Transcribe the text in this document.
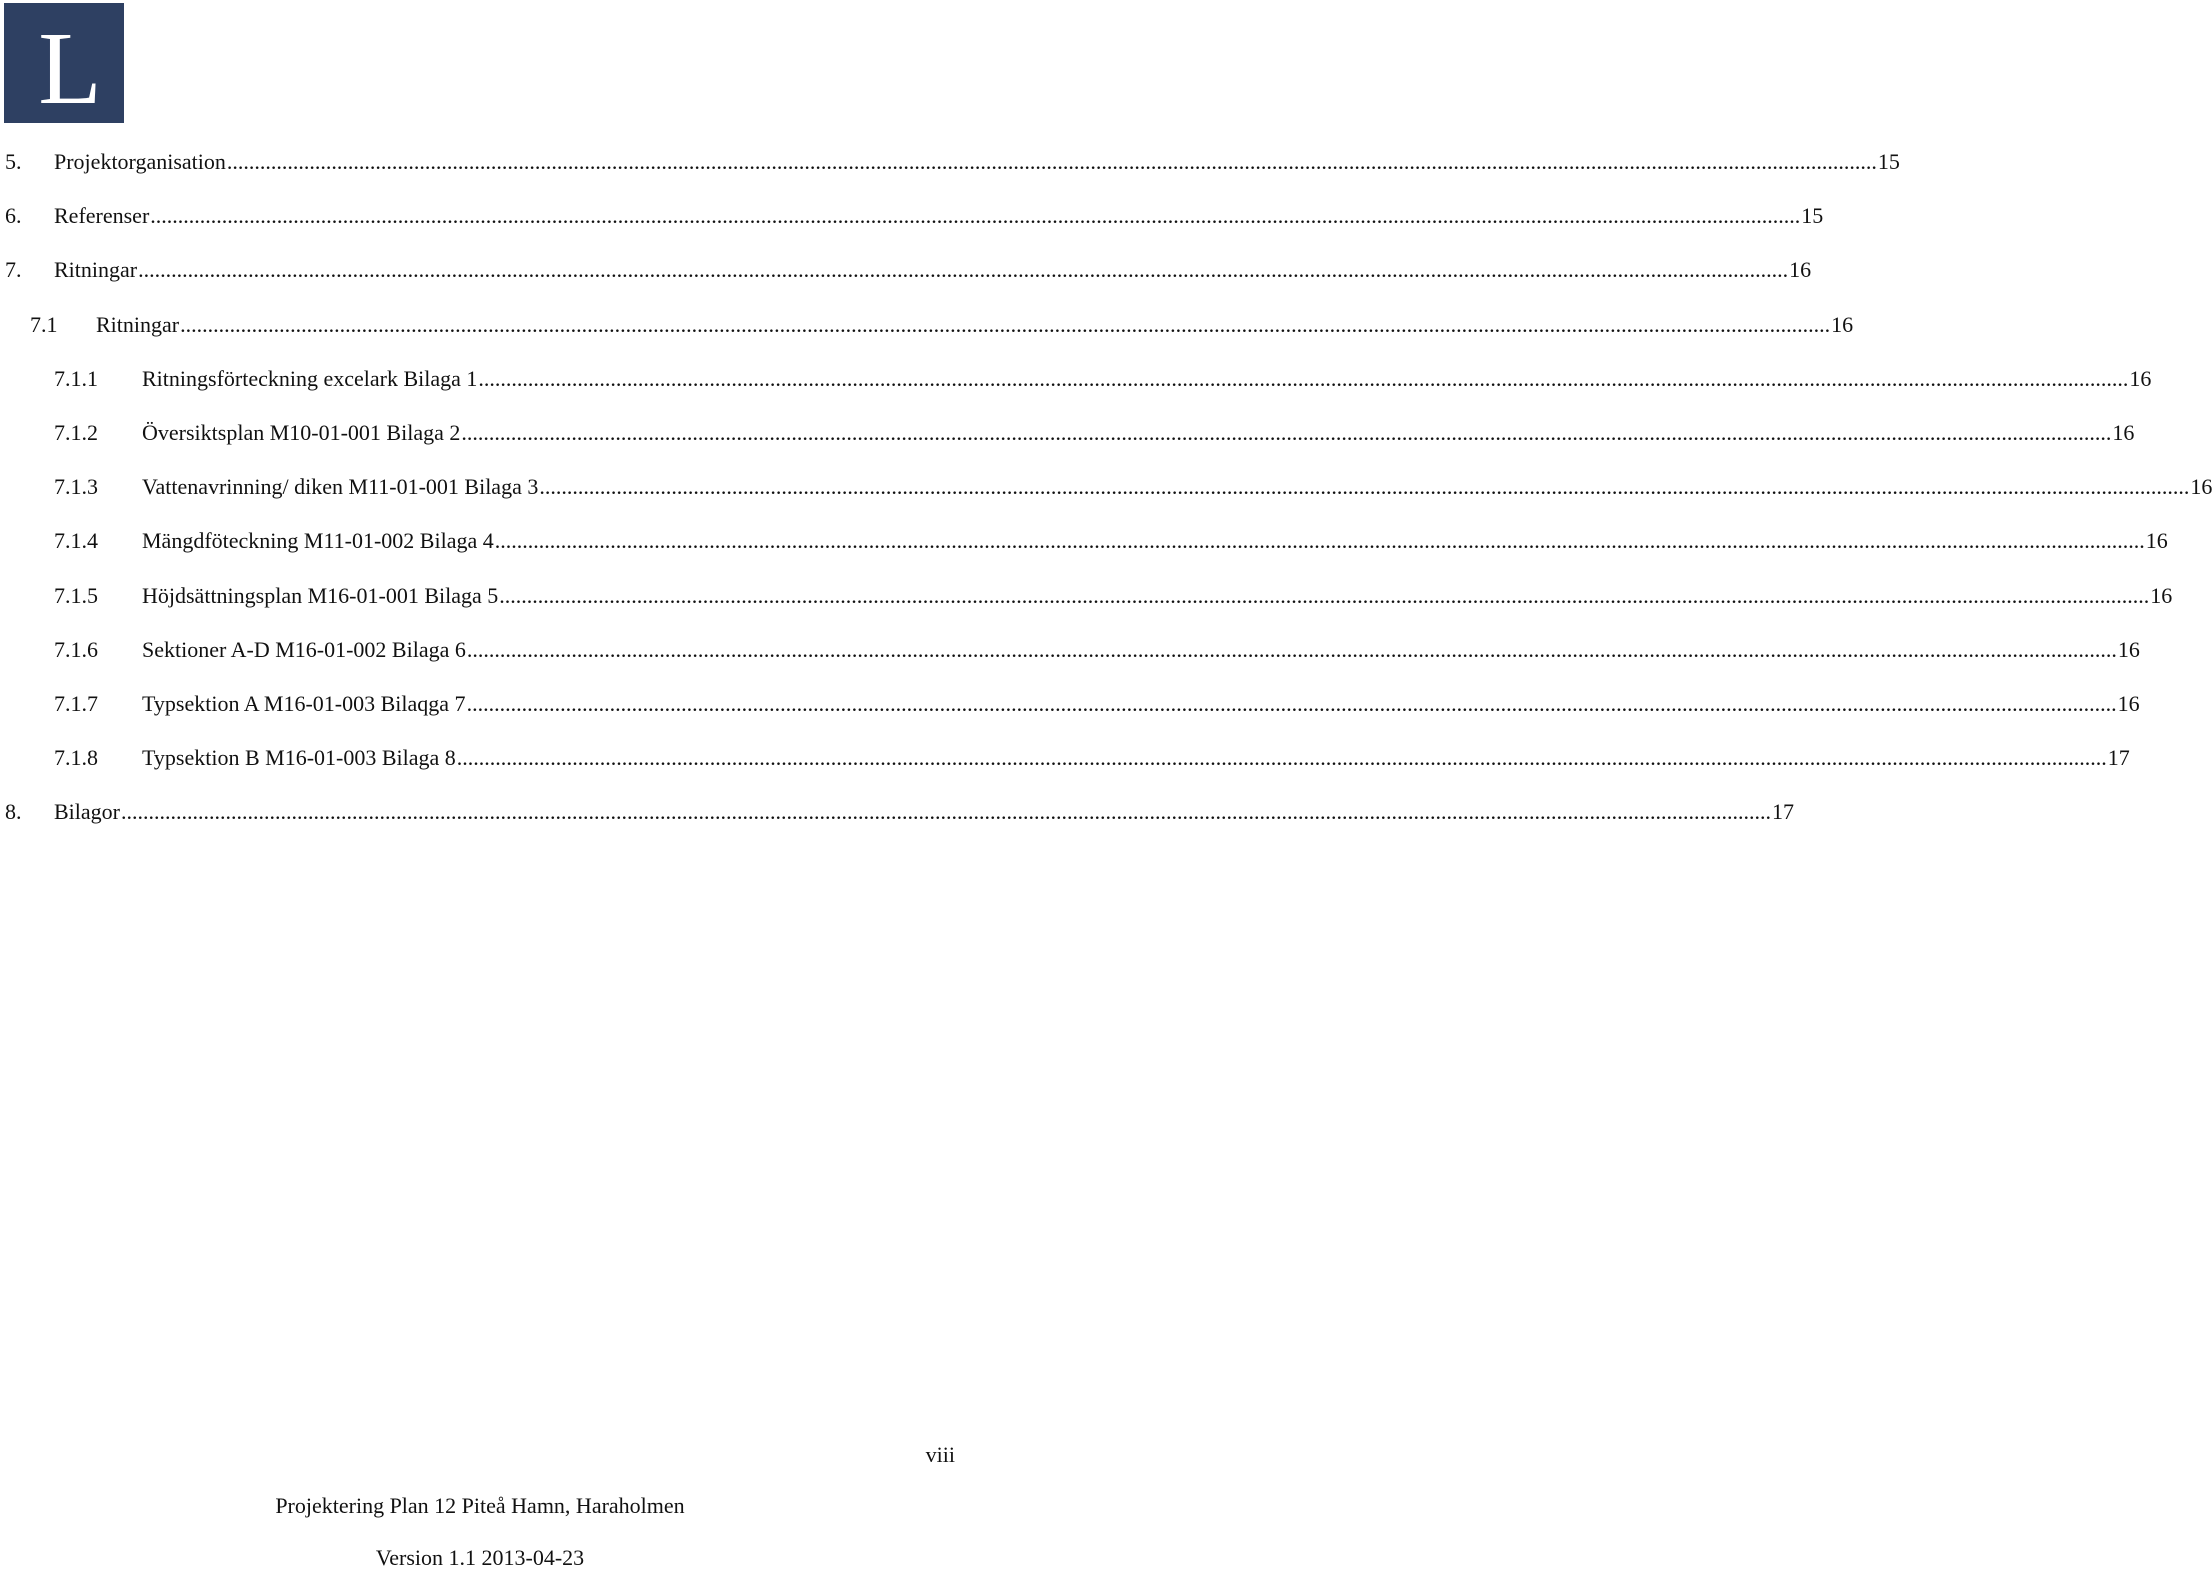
L
5.	Projektorganisation ............................................................................................................................................................................................................................................................................................................ 15
6.	Referenser ............................................................................................................................................................................................................................................................................................................ 15
7.	Ritningar ............................................................................................................................................................................................................................................................................................................ 16
7.1	Ritningar ............................................................................................................................................................................................................................................................................................................ 16
7.1.1	Ritningsförteckning excelark Bilaga 1 ............................................................................................................................................................................................................................................................................................................ 16
7.1.2	Översiktsplan M10-01-001 Bilaga 2 ............................................................................................................................................................................................................................................................................................................ 16
7.1.3	Vattenavrinning/ diken M11-01-001 Bilaga 3 ............................................................................................................................................................................................................................................................................................................ 16
7.1.4	Mängdföteckning M11-01-002 Bilaga 4 ............................................................................................................................................................................................................................................................................................................ 16
7.1.5	Höjdsättningsplan M16-01-001 Bilaga 5 ............................................................................................................................................................................................................................................................................................................ 16
7.1.6	Sektioner A-D M16-01-002 Bilaga 6 ............................................................................................................................................................................................................................................................................................................ 16
7.1.7	Typsektion A M16-01-003 Bilaqga 7 ............................................................................................................................................................................................................................................................................................................ 16
7.1.8	Typsektion B M16-01-003 Bilaga 8 ............................................................................................................................................................................................................................................................................................................ 17
8.	Bilagor ............................................................................................................................................................................................................................................................................................................ 17
viii
Projektering Plan 12 Piteå Hamn, Haraholmen
Version 1.1 2013-04-23
